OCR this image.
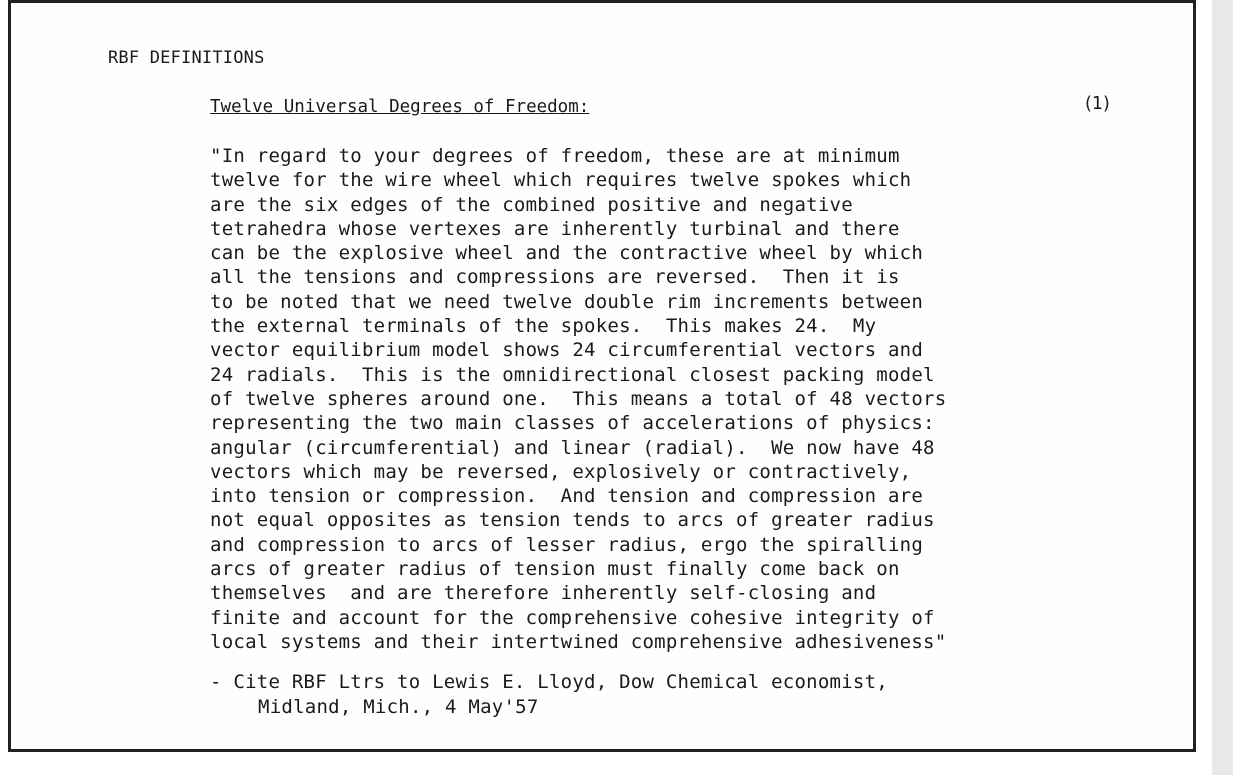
RBF DEFINITIONS
Twelve Universal Degrees of Freedom:	(1)
"In regard to your degrees of freedom, these are at minimum
twelve for the wire wheel which requires twelve spokes which
are the six edges of the combined positive and negative
tetrahedra whose vertexes are inherently turbinal and there
can be the explosive wheel and the contractive wheel by which
all the tensions and compressions are reversed.  Then it is
to be noted that we need twelve double rim increments between
the external terminals of the spokes.  This makes 24.  My
vector equilibrium model shows 24 circumferential vectors and
24 radials.  This is the omnidirectional closest packing model
of twelve spheres around one.  This means a total of 48 vectors
representing the two main classes of accelerations of physics:
angular (circumferential) and linear (radial).  We now have 48
vectors which may be reversed, explosively or contractively,
into tension or compression.  And tension and compression are
not equal opposites as tension tends to arcs of greater radius
and compression to arcs of lesser radius, ergo the spiralling
arcs of greater radius of tension must finally come back on
themselves  and are therefore inherently self-closing and
finite and account for the comprehensive cohesive integrity of
local systems and their intertwined comprehensive adhesiveness"
- Cite RBF Ltrs to Lewis E. Lloyd, Dow Chemical economist,
Midland, Mich., 4 May'57
